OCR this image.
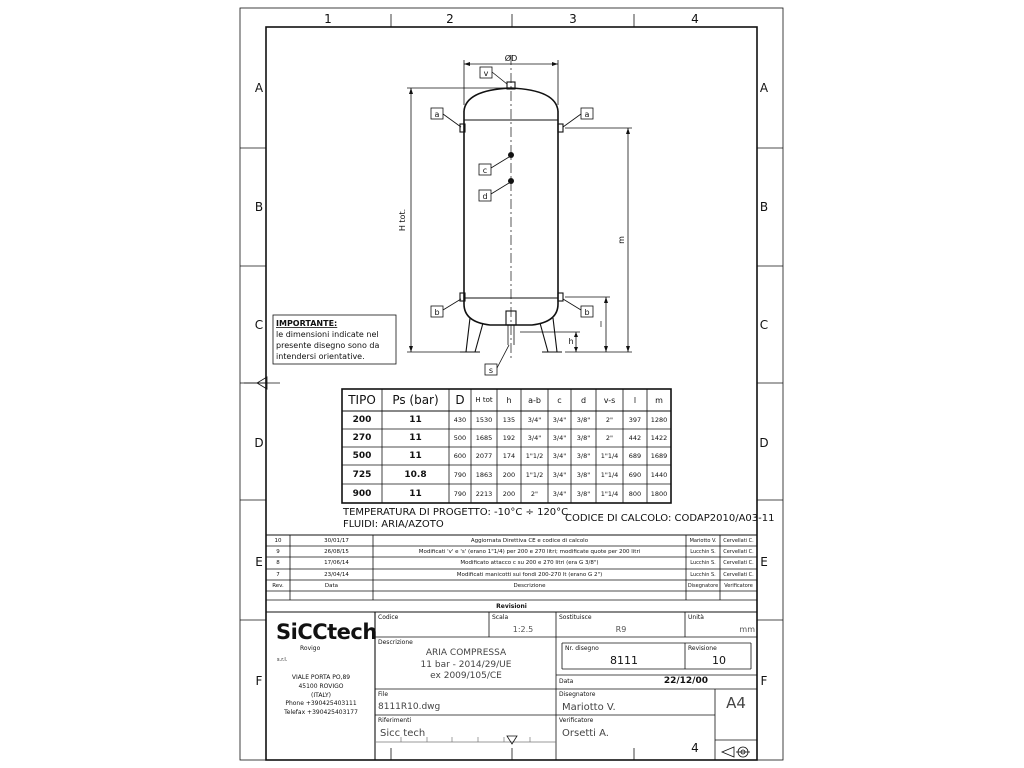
1	2	3	4
4
A
B
C
D
E
F
A
B
C
D
E
F
ØD
H tot.
m
l
h
v
a	a
c
d
b	b
s
IMPORTANTE:
le dimensioni indicate nel
presente disegno sono da
intendersi orientative.
TEMPERATURA DI PROGETTO: -10°C ÷ 120°C
FLUIDI: ARIA/AZOTO
CODICE DI CALCOLO: CODAP2010/A03-11
TIPO	Ps (bar)	D	H tot	h	a-b	c	d	v-s	l	m
200	11	430	1530	135	3/4"	3/4"	3/8"	2"	397	1280
270	11	500	1685	192	3/4"	3/4"	3/8"	2"	442	1422
500	11	600	2077	174	1"1/2	3/4"	3/8"	1"1/4	689	1689
725	10.8	790	1863	200	1"1/2	3/4"	3/8"	1"1/4	690	1440
900	11	790	2213	200	2"	3/4"	3/8"	1"1/4	800	1800
10	30/01/17	Aggiornata Direttiva CE e codice di calcolo	Mariotto V.	Cervellati C.
9	26/08/15	Modificati 'v' e 's' (erano 1"1/4) per 200 e 270 litri; modificate quote per 200 litri	Lucchin S.	Cervellati C.
8	17/06/14	Modificato attacco c su 200 e 270 litri (era G 3/8")	Lucchin S.	Cervellati C.
7	23/04/14	Modificati manicotti sui fondi 200-270 lt (erano G 2")	Lucchin S.	Cervellati C.
Rev.	Data	Descrizione	Disegnatore	Verificatore
Revisioni
SiCCtech s.r.l.
Rovigo
VIALE PORTA PO,89
45100 ROVIGO
(ITALY)
Phone +390425403111
Telefax +390425403177
Codice	Scala
1:2.5
Sostituisce
R9
Unità
mm
Descrizione
ARIA COMPRESSA
11 bar - 2014/29/UE
ex 2009/105/CE
Nr. disegno
8111
Revisione
10
Data	22/12/00
File
8111R10.dwg
Disegnatore
Mariotto V.	A4
Riferimenti
Sicc tech
Verificatore
Orsetti A.
